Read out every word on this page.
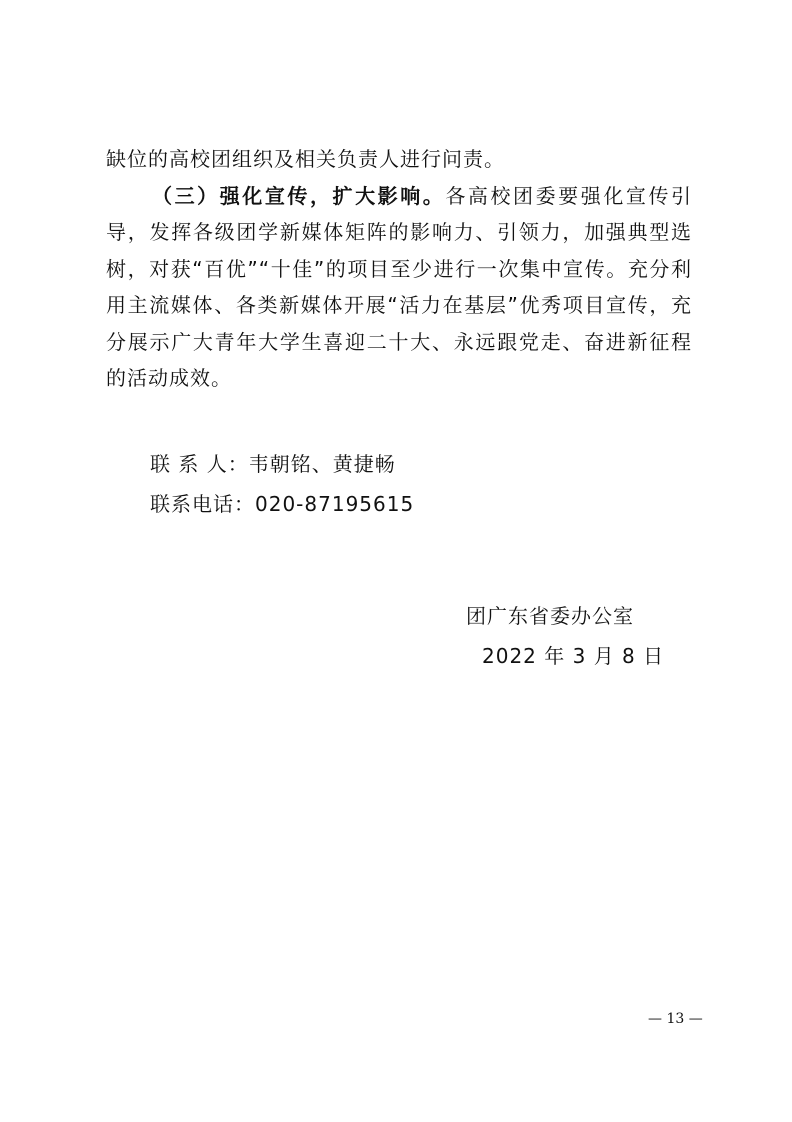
缺位的高校团组织及相关负责人进行问责。

（三）强化宣传，扩大影响。各高校团委要强化宣传引导，发挥各级团学新媒体矩阵的影响力、引领力，加强典型选树，对获“百优”“十佳”的项目至少进行一次集中宣传。充分利用主流媒体、各类新媒体开展“活力在基层”优秀项目宣传，充分展示广大青年大学生喜迎二十大、永远跟党走、奋进新征程的活动成效。

联 系 人：韦朝铭、黄捷畅
联系电话：020-87195615
团广东省委办公室
2022 年 3 月 8 日
— 13 —
